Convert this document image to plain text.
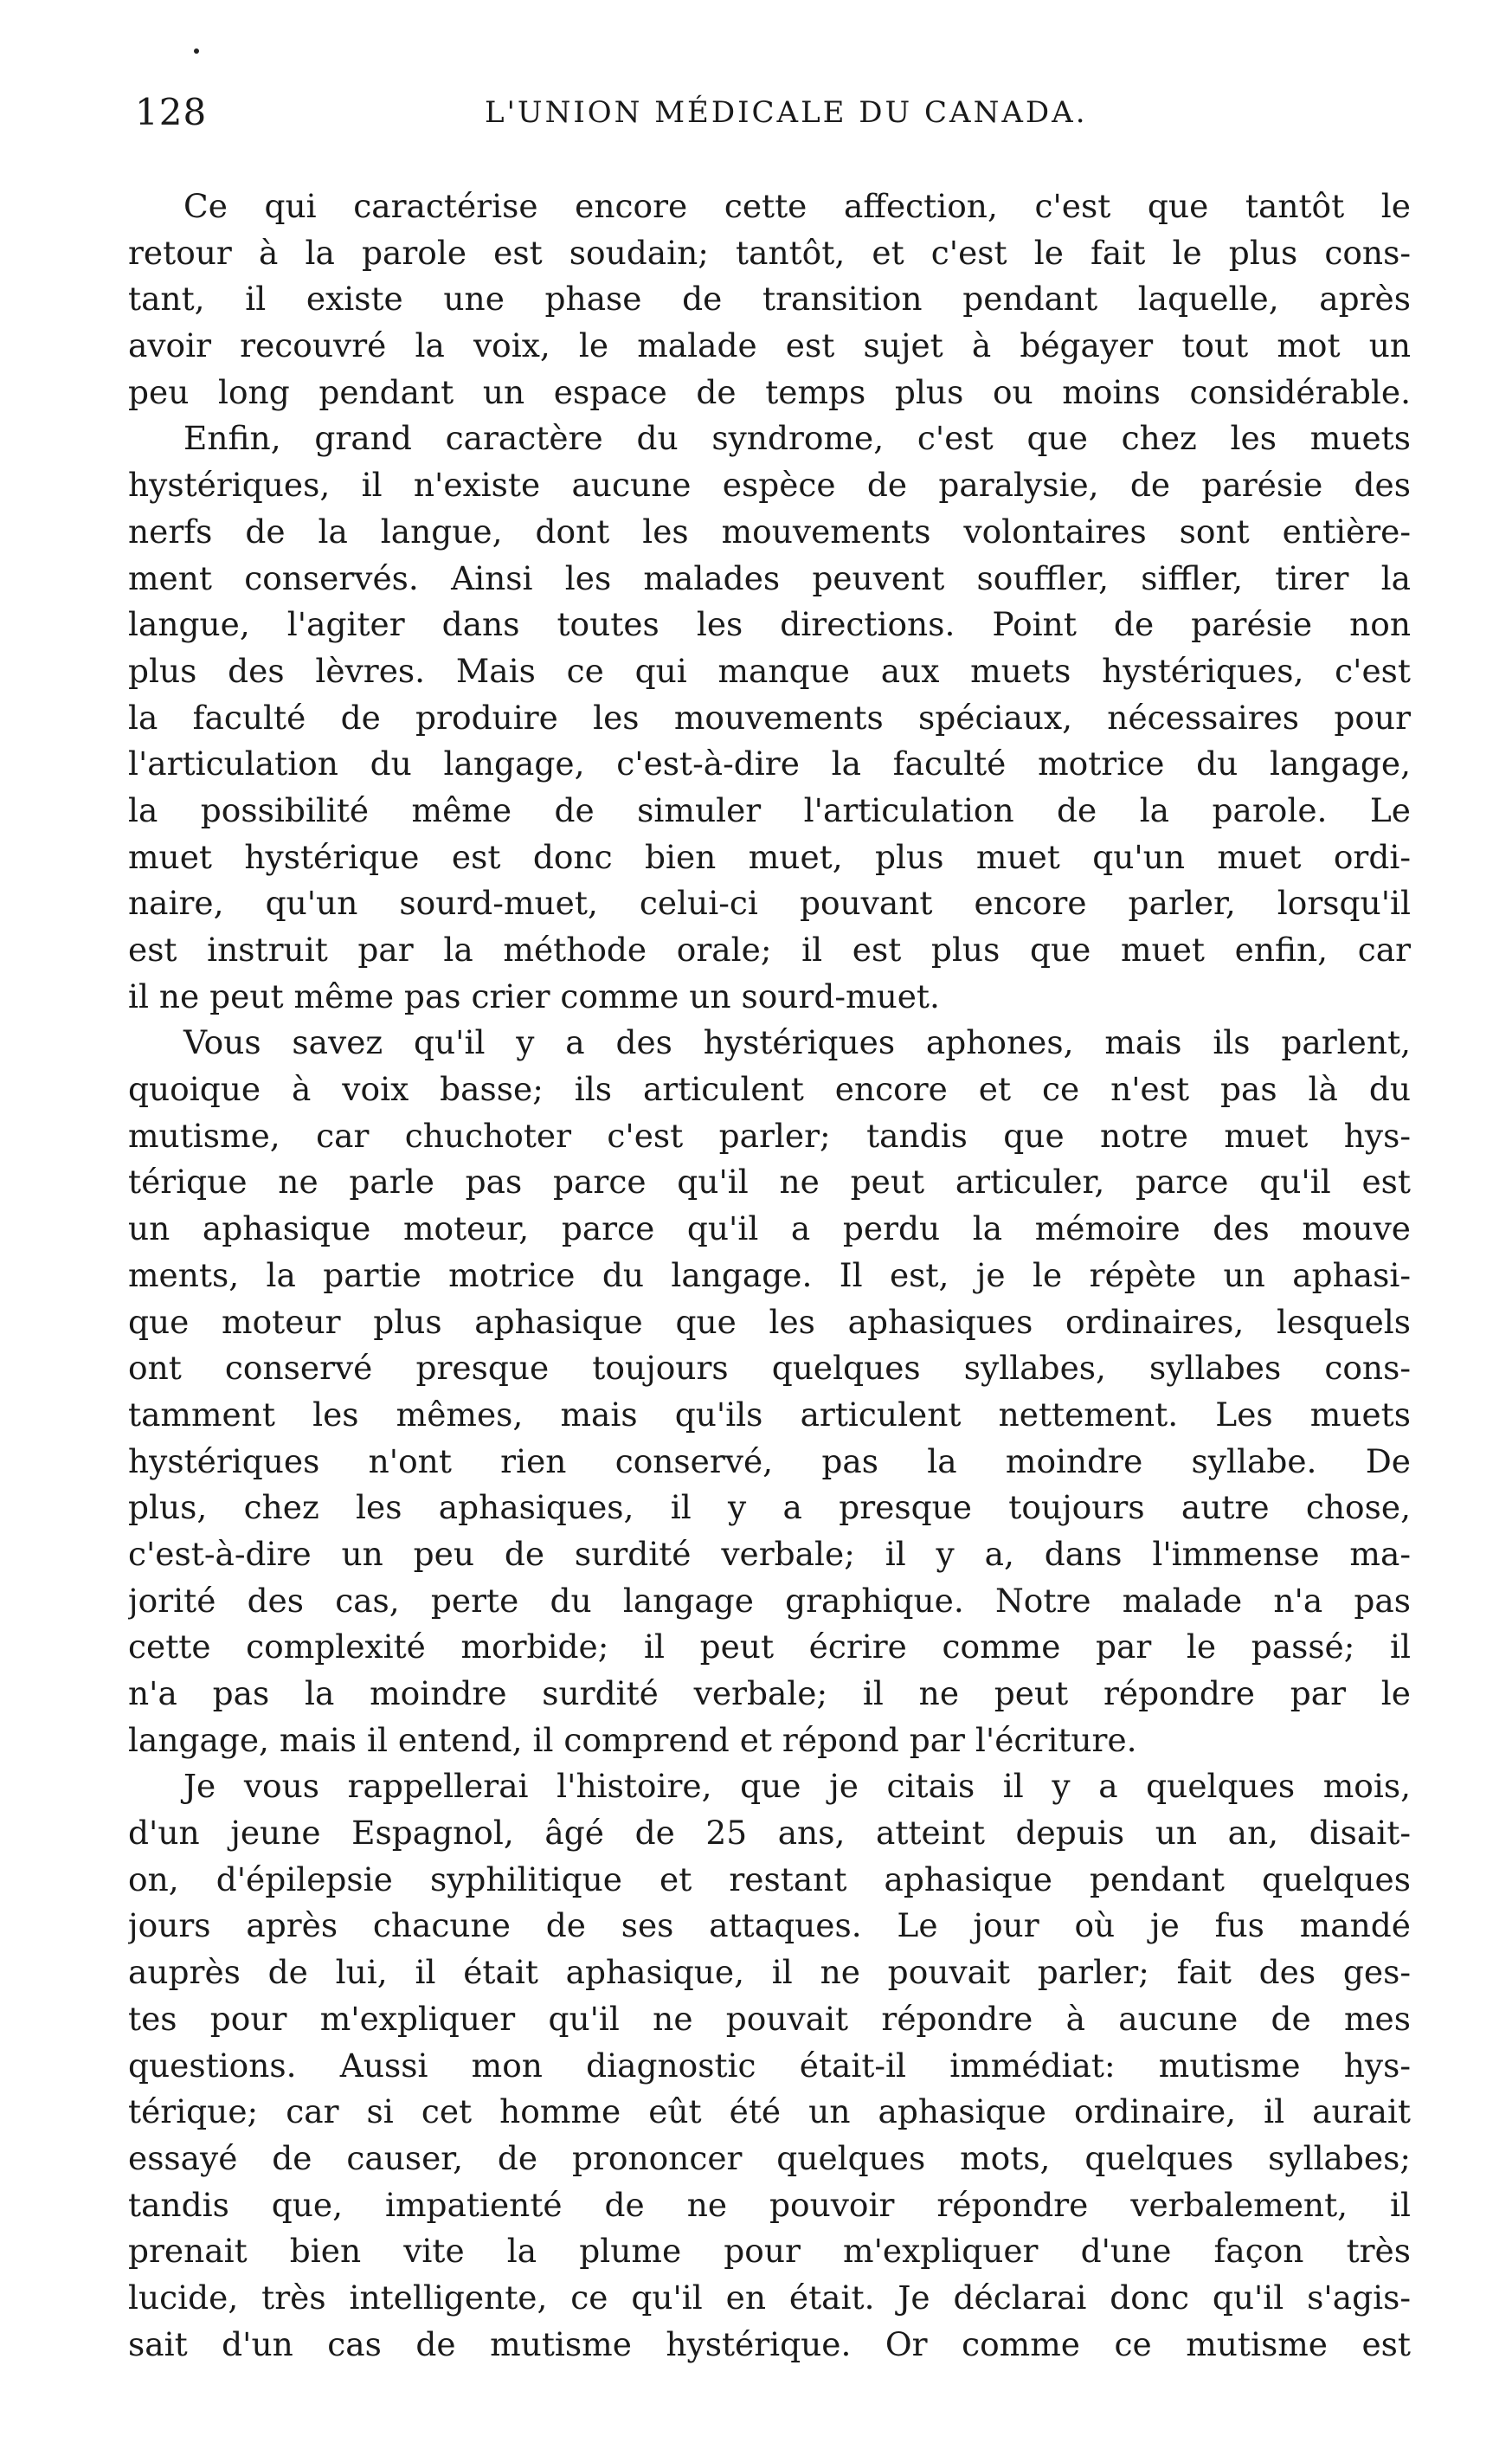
128	L'UNION MÉDICALE DU CANADA.
Ce qui caractérise encore cette affection, c'est que tantôt le
retour à la parole est soudain; tantôt, et c'est le fait le plus cons-
tant, il existe une phase de transition pendant laquelle, après
avoir recouvré la voix, le malade est sujet à bégayer tout mot un
peu long pendant un espace de temps plus ou moins considérable.
Enfin, grand caractère du syndrome, c'est que chez les muets
hystériques, il n'existe aucune espèce de paralysie, de parésie des
nerfs de la langue, dont les mouvements volontaires sont entière-
ment conservés. Ainsi les malades peuvent souffler, siffler, tirer la
langue, l'agiter dans toutes les directions. Point de parésie non
plus des lèvres. Mais ce qui manque aux muets hystériques, c'est
la faculté de produire les mouvements spéciaux, nécessaires pour
l'articulation du langage, c'est-à-dire la faculté motrice du langage,
la possibilité même de simuler l'articulation de la parole. Le
muet hystérique est donc bien muet, plus muet qu'un muet ordi-
naire, qu'un sourd-muet, celui-ci pouvant encore parler, lorsqu'il
est instruit par la méthode orale; il est plus que muet enfin, car
il ne peut même pas crier comme un sourd-muet.
Vous savez qu'il y a des hystériques aphones, mais ils parlent,
quoique à voix basse; ils articulent encore et ce n'est pas là du
mutisme, car chuchoter c'est parler; tandis que notre muet hys-
térique ne parle pas parce qu'il ne peut articuler, parce qu'il est
un aphasique moteur, parce qu'il a perdu la mémoire des mouve
ments, la partie motrice du langage. Il est, je le répète un aphasi-
que moteur plus aphasique que les aphasiques ordinaires, lesquels
ont conservé presque toujours quelques syllabes, syllabes cons-
tamment les mêmes, mais qu'ils articulent nettement. Les muets
hystériques n'ont rien conservé, pas la moindre syllabe. De
plus, chez les aphasiques, il y a presque toujours autre chose,
c'est-à-dire un peu de surdité verbale; il y a, dans l'immense ma-
jorité des cas, perte du langage graphique. Notre malade n'a pas
cette complexité morbide; il peut écrire comme par le passé; il
n'a pas la moindre surdité verbale; il ne peut répondre par le
langage, mais il entend, il comprend et répond par l'écriture.
Je vous rappellerai l'histoire, que je citais il y a quelques mois,
d'un jeune Espagnol, âgé de 25 ans, atteint depuis un an, disait-
on, d'épilepsie syphilitique et restant aphasique pendant quelques
jours après chacune de ses attaques. Le jour où je fus mandé
auprès de lui, il était aphasique, il ne pouvait parler; fait des ges-
tes pour m'expliquer qu'il ne pouvait répondre à aucune de mes
questions. Aussi mon diagnostic était-il immédiat: mutisme hys-
térique; car si cet homme eût été un aphasique ordinaire, il aurait
essayé de causer, de prononcer quelques mots, quelques syllabes;
tandis que, impatienté de ne pouvoir répondre verbalement, il
prenait bien vite la plume pour m'expliquer d'une façon très
lucide, très intelligente, ce qu'il en était. Je déclarai donc qu'il s'agis-
sait d'un cas de mutisme hystérique. Or comme ce mutisme est
